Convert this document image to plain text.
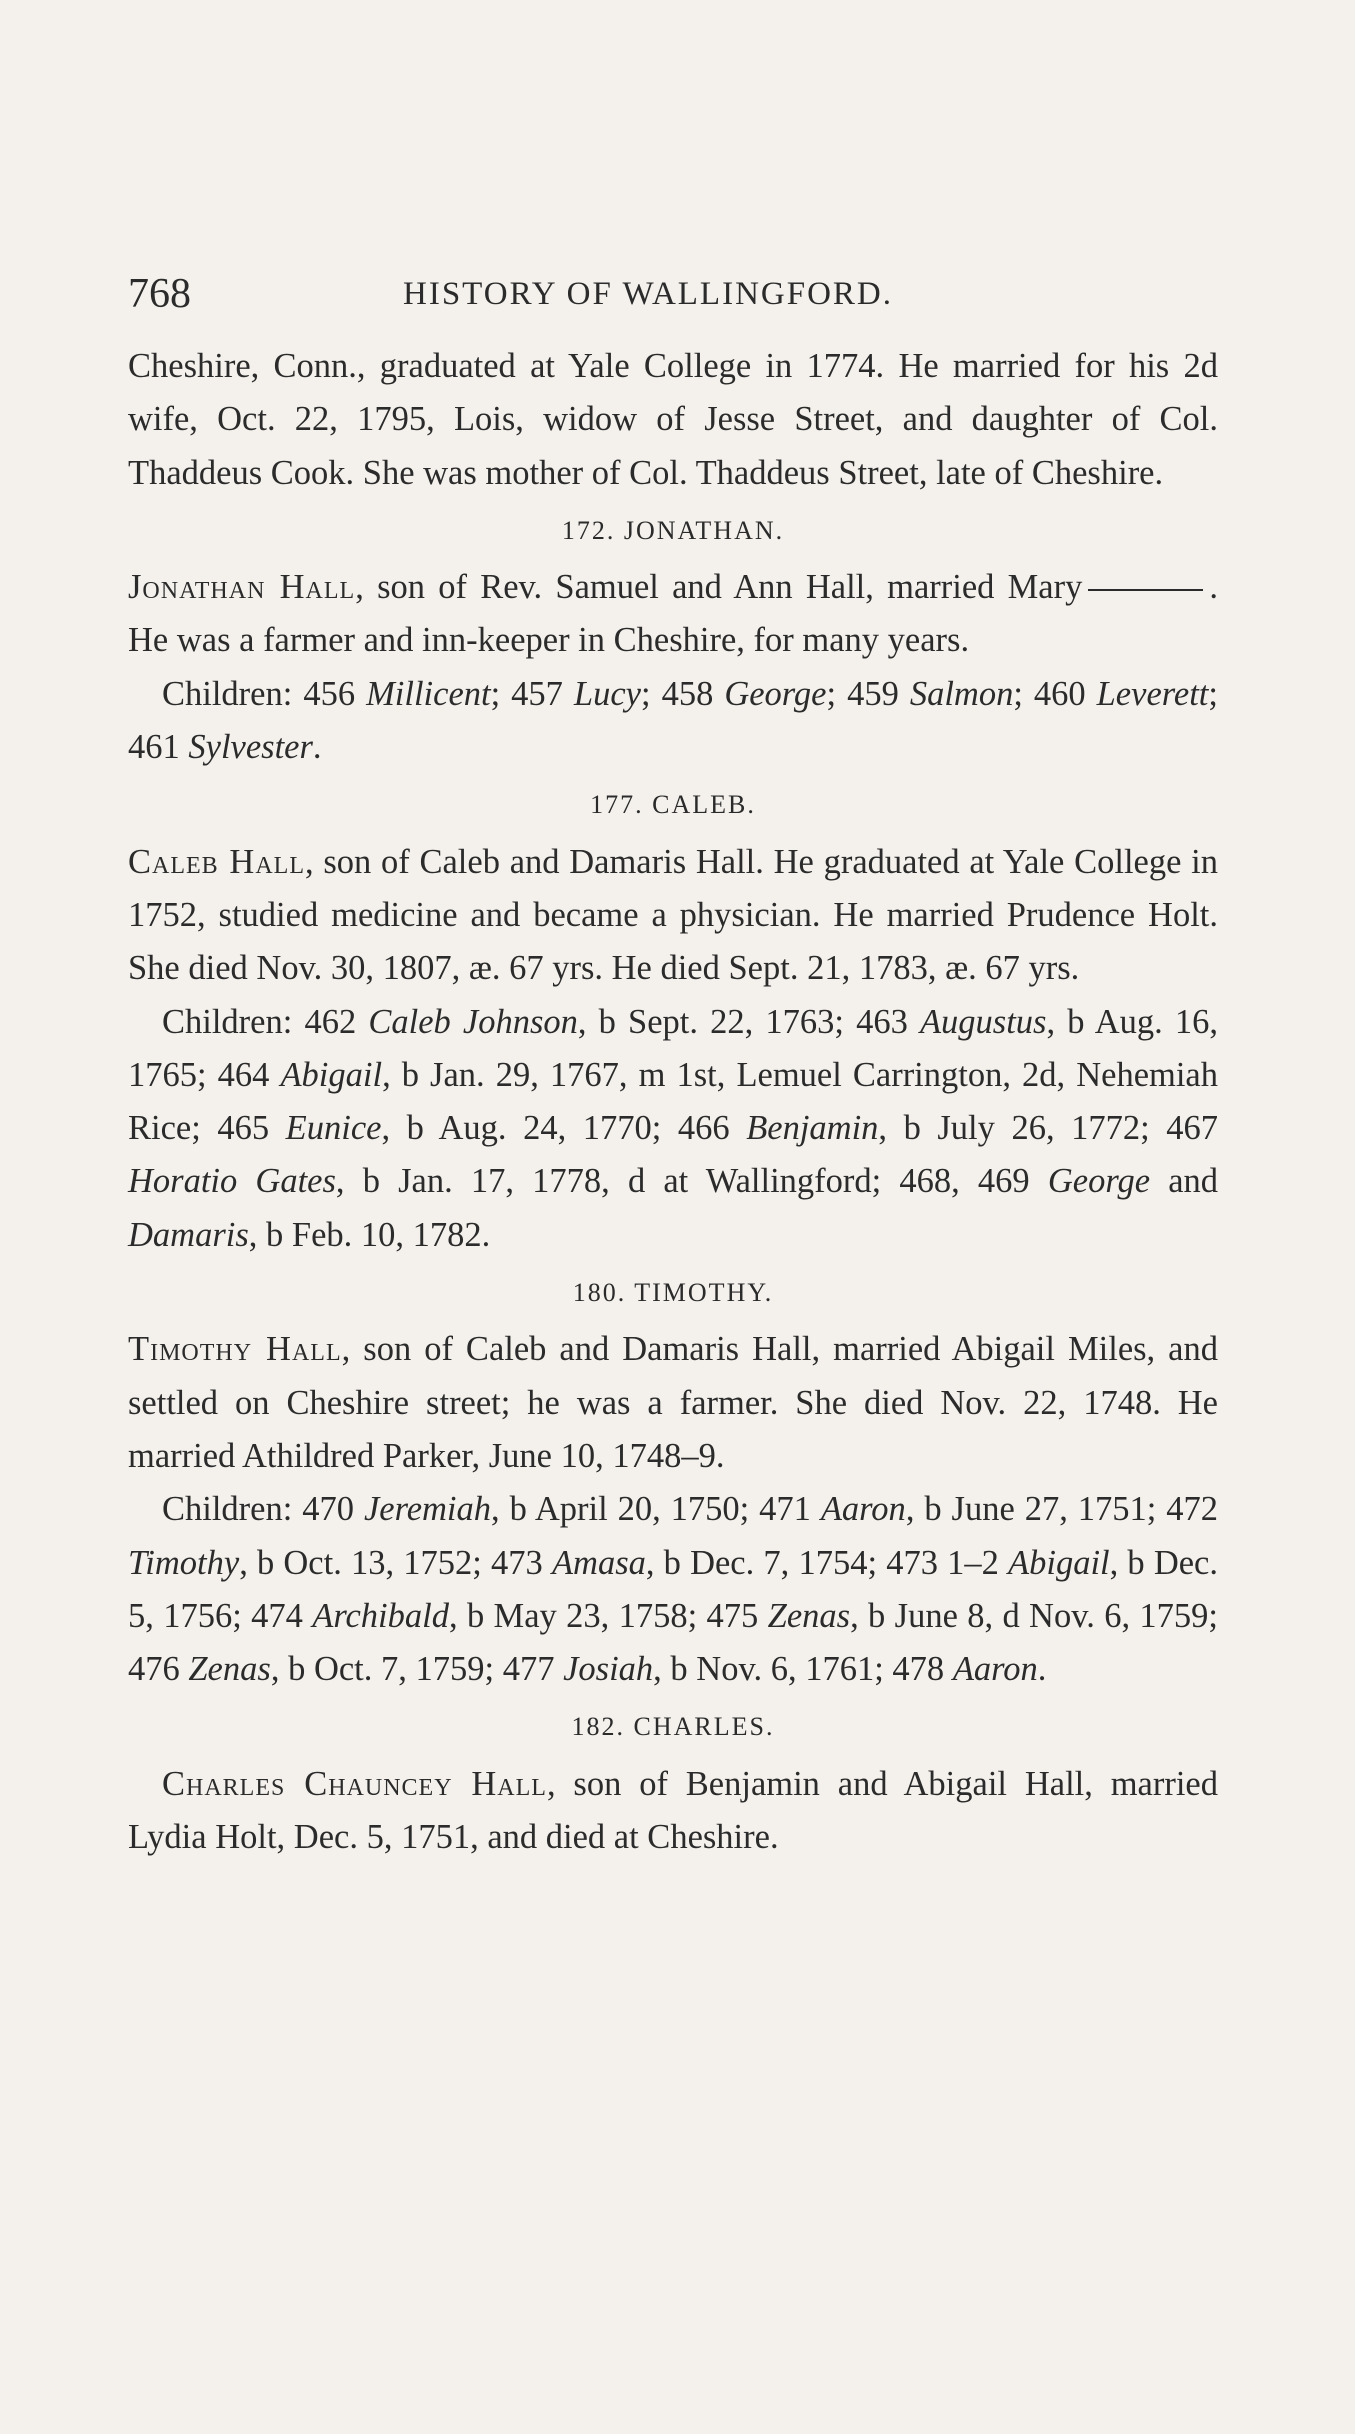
768	HISTORY OF WALLINGFORD.

Cheshire, Conn., graduated at Yale College in 1774. He married for his 2d wife, Oct. 22, 1795, Lois, widow of Jesse Street, and daughter of Col. Thaddeus Cook. She was mother of Col. Thaddeus Street, late of Cheshire.

172. JONATHAN.

Jonathan Hall, son of Rev. Samuel and Ann Hall, married Mary	. He was a farmer and inn-keeper in Cheshire, for many years.

Children: 456 Millicent; 457 Lucy; 458 George; 459 Salmon; 460 Leverett; 461 Sylvester.

177. CALEB.

Caleb Hall, son of Caleb and Damaris Hall. He graduated at Yale College in 1752, studied medicine and became a physician. He married Prudence Holt. She died Nov. 30, 1807, æ. 67 yrs. He died Sept. 21, 1783, æ. 67 yrs.

Children: 462 Caleb Johnson, b Sept. 22, 1763; 463 Augustus, b Aug. 16, 1765; 464 Abigail, b Jan. 29, 1767, m 1st, Lemuel Carrington, 2d, Nehemiah Rice; 465 Eunice, b Aug. 24, 1770; 466 Benjamin, b July 26, 1772; 467 Horatio Gates, b Jan. 17, 1778, d at Wallingford; 468, 469 George and Damaris, b Feb. 10, 1782.

180. TIMOTHY.

Timothy Hall, son of Caleb and Damaris Hall, married Abigail Miles, and settled on Cheshire street; he was a farmer. She died Nov. 22, 1748. He married Athildred Parker, June 10, 1748–9.

Children: 470 Jeremiah, b April 20, 1750; 471 Aaron, b June 27, 1751; 472 Timothy, b Oct. 13, 1752; 473 Amasa, b Dec. 7, 1754; 473 1–2 Abigail, b Dec. 5, 1756; 474 Archibald, b May 23, 1758; 475 Zenas, b June 8, d Nov. 6, 1759; 476 Zenas, b Oct. 7, 1759; 477 Josiah, b Nov. 6, 1761; 478 Aaron.

182. CHARLES.

Charles Chauncey Hall, son of Benjamin and Abigail Hall, married Lydia Holt, Dec. 5, 1751, and died at Cheshire.
